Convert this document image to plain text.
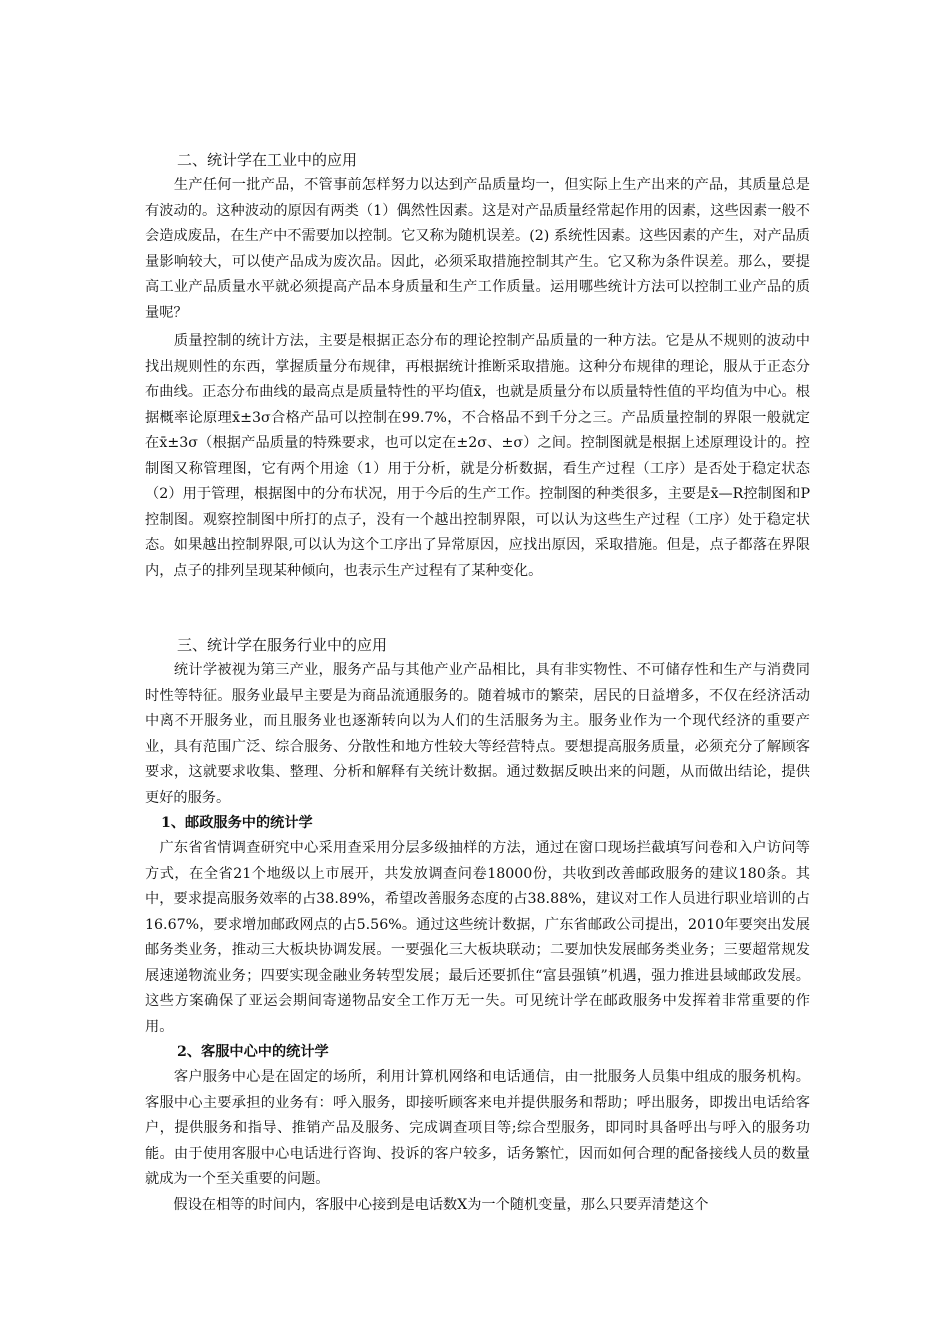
二、统计学在工业中的应用

　　生产任何一批产品，不管事前怎样努力以达到产品质量均一，但实际上生产出来的产品，其质量总是有波动的。这种波动的原因有两类（1）偶然性因素。这是对产品质量经常起作用的因素，这些因素一般不会造成废品，在生产中不需要加以控制。它又称为随机误差。(2) 系统性因素。这些因素的产生，对产品质量影响较大，可以使产品成为废次品。因此，必须采取措施控制其产生。它又称为条件误差。那么，要提高工业产品质量水平就必须提高产品本身质量和生产工作质量。运用哪些统计方法可以控制工业产品的质量呢？

　　质量控制的统计方法，主要是根据正态分布的理论控制产品质量的一种方法。它是从不规则的波动中找出规则性的东西，掌握质量分布规律，再根据统计推断采取措施。这种分布规律的理论，服从于正态分布曲线。正态分布曲线的最高点是质量特性的平均值x̄，也就是质量分布以质量特性值的平均值为中心。根据概率论原理x̄±3σ合格产品可以控制在99.7%，不合格品不到千分之三。产品质量控制的界限一般就定在x̄±3σ（根据产品质量的特殊要求，也可以定在±2σ、±σ）之间。控制图就是根据上述原理设计的。控制图又称管理图，它有两个用途（1）用于分析，就是分析数据，看生产过程（工序）是否处于稳定状态（2）用于管理，根据图中的分布状况，用于今后的生产工作。控制图的种类很多，主要是x̄—R控制图和P控制图。观察控制图中所打的点子，没有一个越出控制界限，可以认为这些生产过程（工序）处于稳定状态。如果越出控制界限,可以认为这个工序出了异常原因，应找出原因，采取措施。但是，点子都落在界限内，点子的排列呈现某种倾向，也表示生产过程有了某种变化。

三、统计学在服务行业中的应用

　　统计学被视为第三产业，服务产品与其他产业产品相比，具有非实物性、不可储存性和生产与消费同时性等特征。服务业最早主要是为商品流通服务的。随着城市的繁荣，居民的日益增多，不仅在经济活动中离不开服务业，而且服务业也逐渐转向以为人们的生活服务为主。服务业作为一个现代经济的重要产业，具有范围广泛、综合服务、分散性和地方性较大等经营特点。要想提高服务质量，必须充分了解顾客要求，这就要求收集、整理、分析和解释有关统计数据。通过数据反映出来的问题，从而做出结论，提供更好的服务。

1、邮政服务中的统计学

　广东省省情调查研究中心采用查采用分层多级抽样的方法，通过在窗口现场拦截填写问卷和入户访问等方式，在全省21个地级以上市展开，共发放调查问卷18000份，共收到改善邮政服务的建议180条。其中，要求提高服务效率的占38.89%，希望改善服务态度的占38.88%，建议对工作人员进行职业培训的占16.67%，要求增加邮政网点的占5.56%。通过这些统计数据，广东省邮政公司提出，2010年要突出发展邮务类业务，推动三大板块协调发展。一要强化三大板块联动；二要加快发展邮务类业务；三要超常规发展速递物流业务；四要实现金融业务转型发展；最后还要抓住“富县强镇”机遇，强力推进县域邮政发展。这些方案确保了亚运会期间寄递物品安全工作万无一失。可见统计学在邮政服务中发挥着非常重要的作用。

2、客服中心中的统计学

　　客户服务中心是在固定的场所，利用计算机网络和电话通信，由一批服务人员集中组成的服务机构。客服中心主要承担的业务有：呼入服务，即接听顾客来电并提供服务和帮助；呼出服务，即拨出电话给客户，提供服务和指导、推销产品及服务、完成调查项目等;综合型服务，即同时具备呼出与呼入的服务功能。由于使用客服中心电话进行咨询、投诉的客户较多，话务繁忙，因而如何合理的配备接线人员的数量就成为一个至关重要的问题。

　　假设在相等的时间内，客服中心接到是电话数X为一个随机变量，那么只要弄清楚这个
